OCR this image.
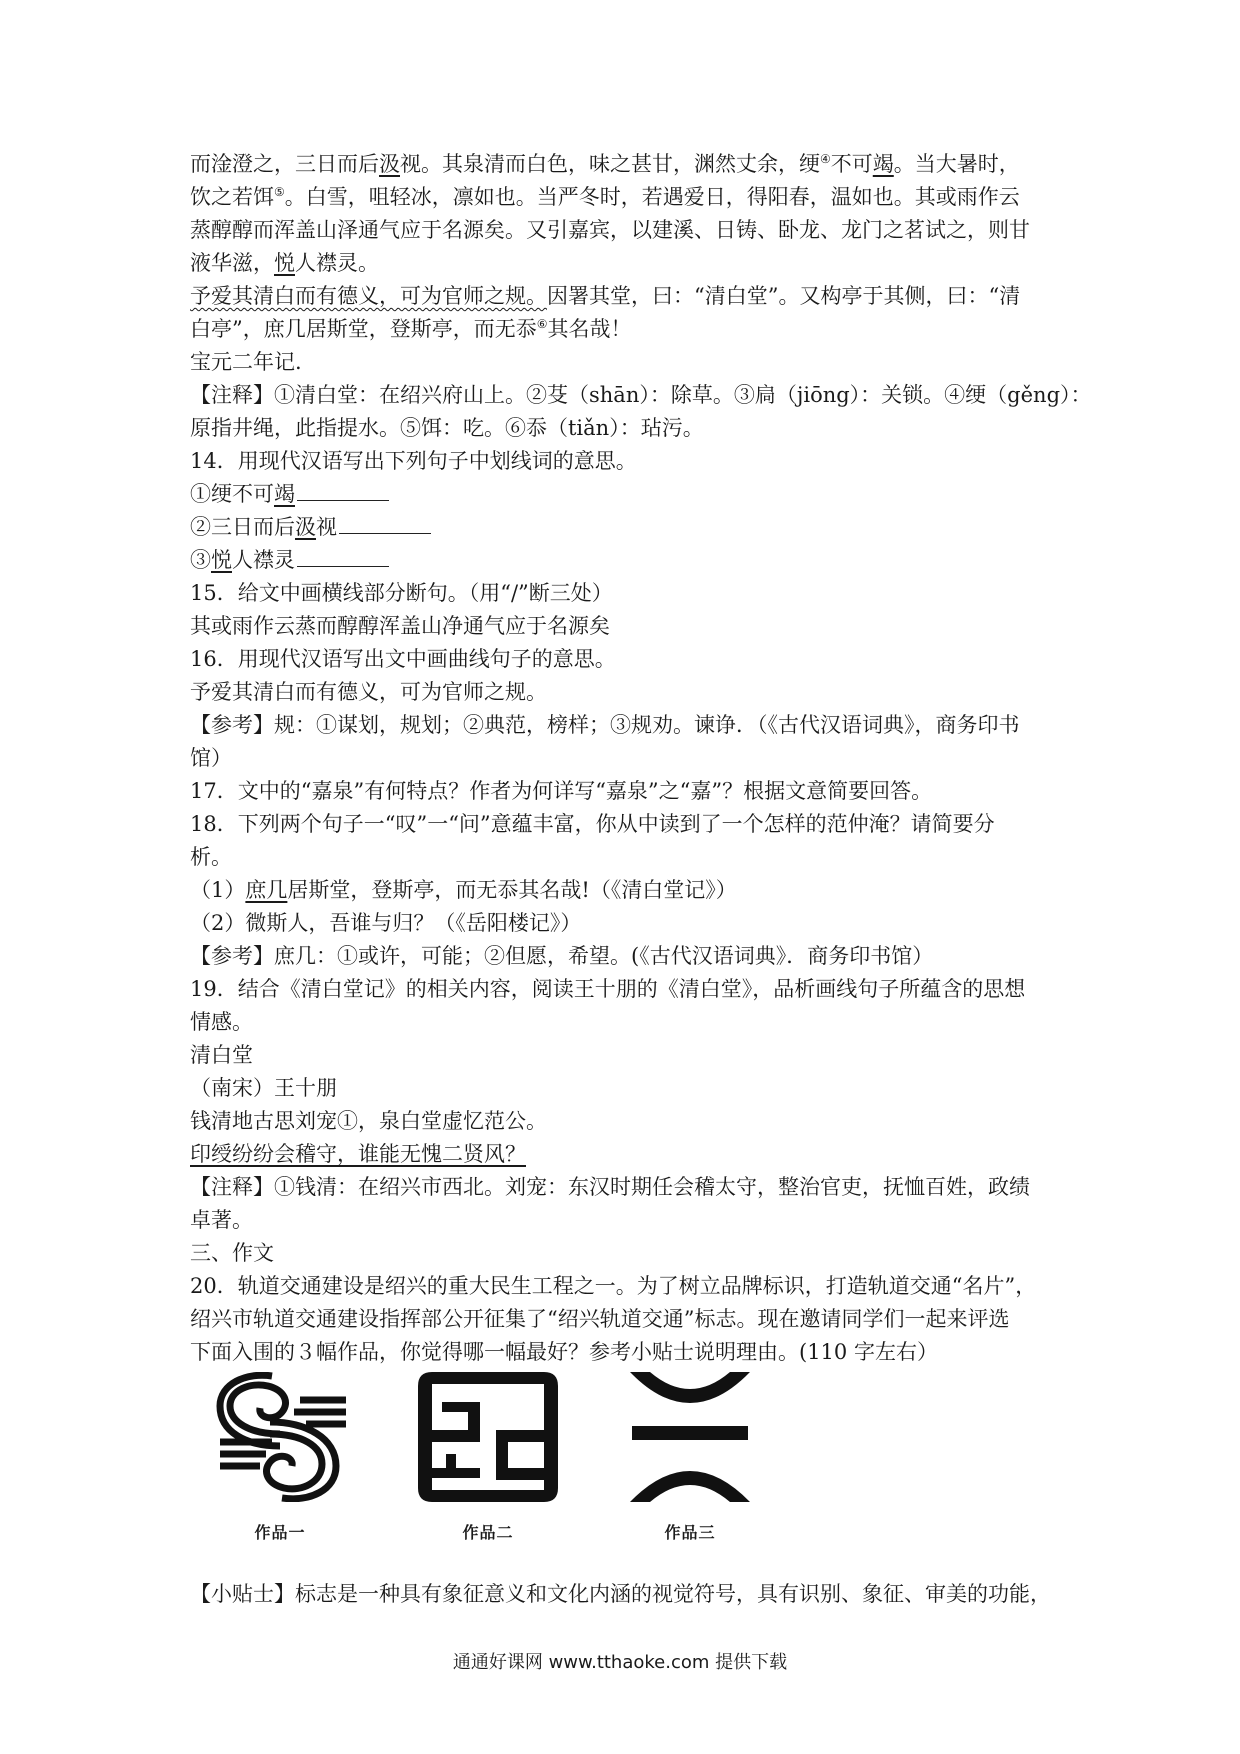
而淦澄之，三日而后汲视。其泉清而白色，味之甚甘，渊然丈余，绠④不可竭。当大暑时，
饮之若饵⑤。白雪，咀轻冰，凛如也。当严冬时，若遇爱日，得阳春，温如也。其或雨作云
蒸醇醇而浑盖山泽通气应于名源矣。又引嘉宾，以建溪、日铸、卧龙、龙门之茗试之，则甘
液华滋，悦人襟灵。
予爱其清白而有德义，可为官师之规。因署其堂，曰：“清白堂”。又构亭于其侧，曰：“清
白亭”，庶几居斯堂，登斯亭，而无忝⑥其名哉！
宝元二年记.
【注释】①清白堂：在绍兴府山上。②芟（shān）：除草。③扃（jiōng）：关锁。④绠（gěng）：
原指井绳，此指提水。⑤饵：吃。⑥忝（tiǎn）：玷污。
14．用现代汉语写出下列句子中划线词的意思。
①绠不可竭
②三日而后汲视
③悦人襟灵
15．给文中画横线部分断句。（用“/”断三处）
其或雨作云蒸而醇醇浑盖山净通气应于名源矣
16．用现代汉语写出文中画曲线句子的意思。
予爱其清白而有德义，可为官师之规。
【参考】规：①谋划，规划；②典范，榜样；③规劝。谏诤．（《古代汉语词典》，商务印书
馆）
17．文中的“嘉泉”有何特点？作者为何详写“嘉泉”之“嘉”？根据文意简要回答。
18．下列两个句子一“叹”一“问”意蕴丰富，你从中读到了一个怎样的范仲淹？请简要分
析。
（1）庶几居斯堂，登斯亭，而无忝其名哉!（《清白堂记》）
（2）微斯人，吾谁与归？（《岳阳楼记》）
【参考】庶几：①或许，可能；②但愿，希望。(《古代汉语词典》．商务印书馆）
19．结合《清白堂记》的相关内容，阅读王十朋的《清白堂》，品析画线句子所蕴含的思想
情感。
清白堂
（南宋）王十朋
钱清地古思刘宠①，泉白堂虚忆范公。
印绶纷纷会稽守，谁能无愧二贤风？
【注释】①钱清：在绍兴市西北。刘宠：东汉时期任会稽太守，整治官吏，抚恤百姓，政绩
卓著。
三、作文
20．轨道交通建设是绍兴的重大民生工程之一。为了树立品牌标识，打造轨道交通“名片”，
绍兴市轨道交通建设指挥部公开征集了“绍兴轨道交通”标志。现在邀请同学们一起来评选
下面入围的３幅作品，你觉得哪一幅最好？参考小贴士说明理由。(110 字左右）
作品一	作品二	作品三
【小贴士】标志是一种具有象征意义和文化内涵的视觉符号，具有识别、象征、审美的功能，
通通好课网 www.tthaoke.com 提供下载
